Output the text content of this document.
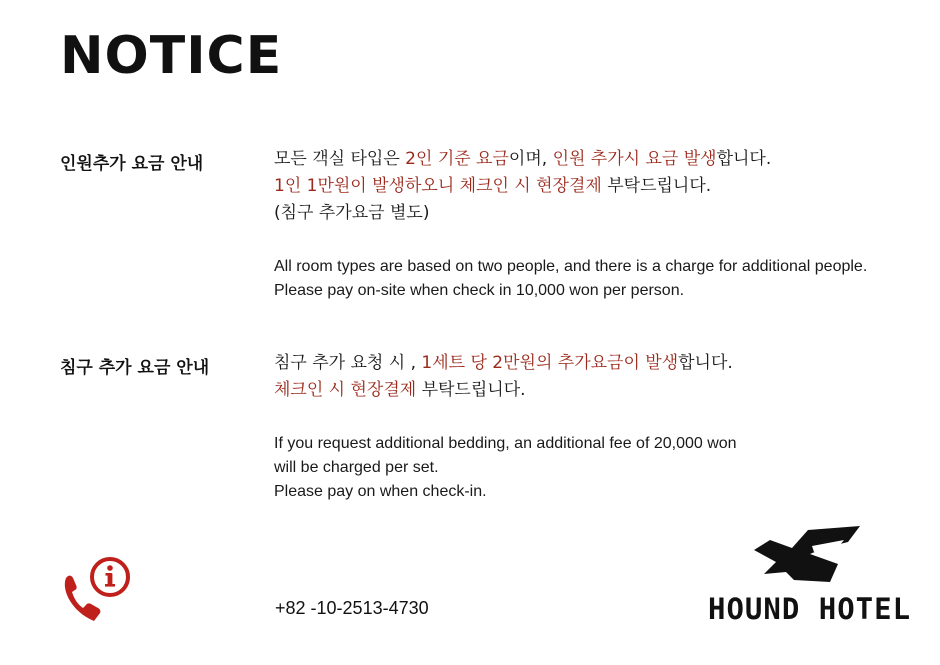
NOTICE
인원추가 요금 안내	모든 객실 타입은 2인 기준 요금이며, 인원 추가시 요금 발생합니다.
1인 1만원이 발생하오니 체크인 시 현장결제 부탁드립니다.
(침구 추가요금 별도)
All room types are based on two people, and there is a charge for additional people.
Please pay on-site when check in 10,000 won per person.
침구 추가 요금 안내	침구 추가 요청 시 , 1세트 당 2만원의 추가요금이 발생합니다.
체크인 시 현장결제 부탁드립니다.
If you request additional bedding, an additional fee of 20,000 won
will be charged per set.
Please pay on when check-in.
+82 -10-2513-4730	HOUND HOTEL
